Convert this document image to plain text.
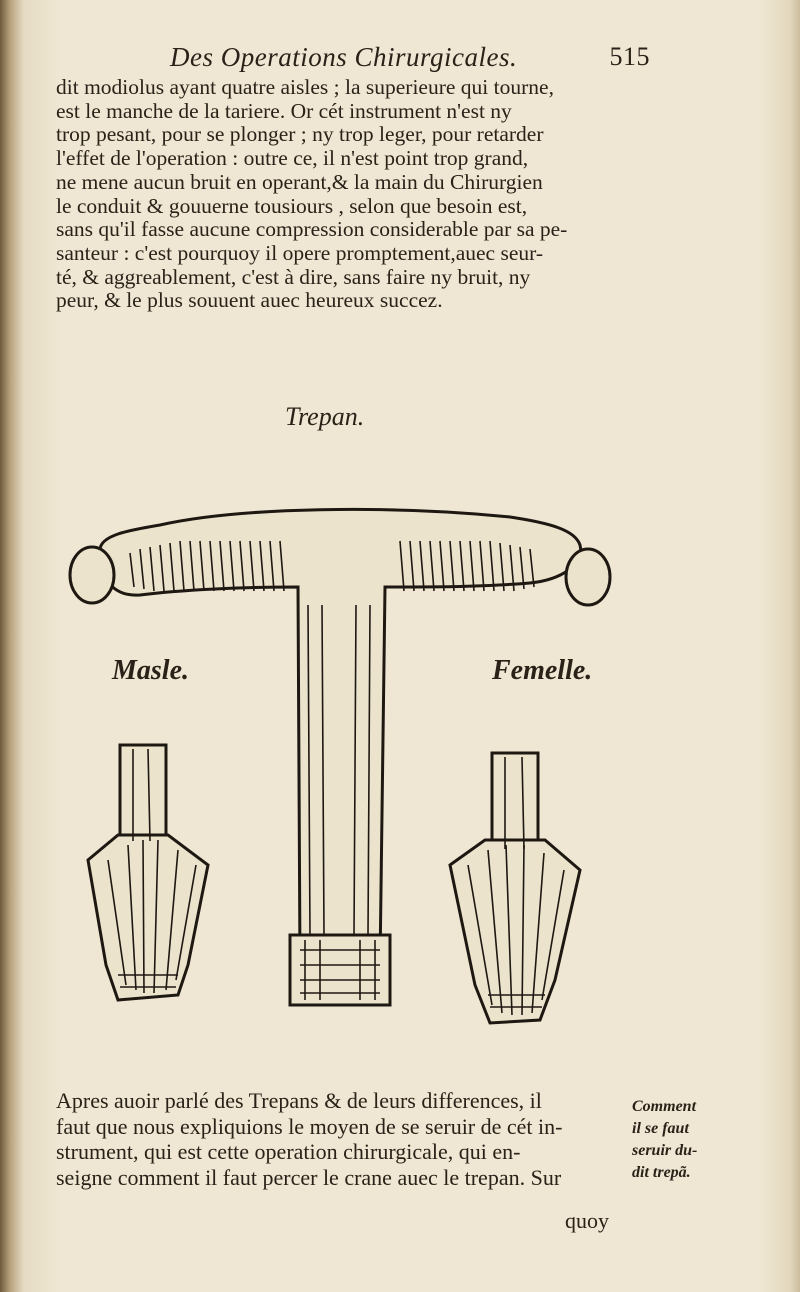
Des Operations Chirurgicales.	515
dit modiolus ayant quatre aisles ; la superieure qui tourne,
est le manche de la tariere. Or cét instrument n'est ny
trop pesant, pour se plonger ; ny trop leger, pour retarder
l'effet de l'operation : outre ce, il n'est point trop grand,
ne mene aucun bruit en operant,& la main du Chirurgien
le conduit & gouuerne tousiours , selon que besoin est,
sans qu'il fasse aucune compression considerable par sa pe-
santeur : c'est pourquoy il opere promptement,auec seur-
té, & aggreablement, c'est à dire, sans faire ny bruit, ny
peur, & le plus souuent auec heureux succez.
Trepan.
Masle.	Femelle.
Apres auoir parlé des Trepans & de leurs differences, il
faut que nous expliquions le moyen de se seruir de cét in-
strument, qui est cette operation chirurgicale, qui en-
seigne comment il faut percer le crane auec le trepan. Sur
quoy
Comment
il se faut
seruir du-
dit trepã.
